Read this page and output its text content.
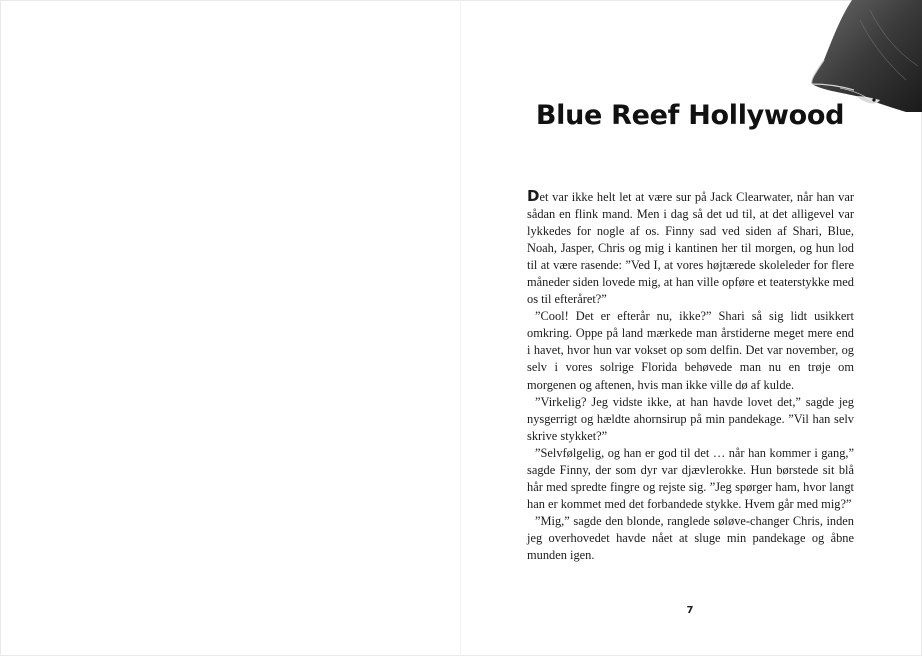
Blue Reef Hollywood

Det var ikke helt let at være sur på Jack Clearwater, når han var sådan en flink mand. Men i dag så det ud til, at det alligevel var lykkedes for nogle af os. Finny sad ved siden af Shari, Blue, Noah, Jasper, Chris og mig i kantinen her til morgen, og hun lod til at være rasende: ”Ved I, at vores højtærede skoleleder for flere måneder siden lovede mig, at han ville opføre et teaterstykke med os til efteråret?”

”Cool! Det er efterår nu, ikke?” Shari så sig lidt usikkert omkring. Oppe på land mærkede man årstiderne meget mere end i havet, hvor hun var vokset op som delfin. Det var november, og selv i vores solrige Florida behøvede man nu en trøje om morgenen og aftenen, hvis man ikke ville dø af kulde.

”Virkelig? Jeg vidste ikke, at han havde lovet det,” sagde jeg nysgerrigt og hældte ahornsirup på min pandekage. ”Vil han selv skrive stykket?”

”Selvfølgelig, og han er god til det … når han kommer i gang,” sagde Finny, der som dyr var djævlerokke. Hun børstede sit blå hår med spredte fingre og rejste sig. ”Jeg spørger ham, hvor langt han er kommet med det forbandede stykke. Hvem går med mig?”

”Mig,” sagde den blonde, ranglede søløve-changer Chris, inden jeg overhovedet havde nået at sluge min pandekage og åbne munden igen.

7
